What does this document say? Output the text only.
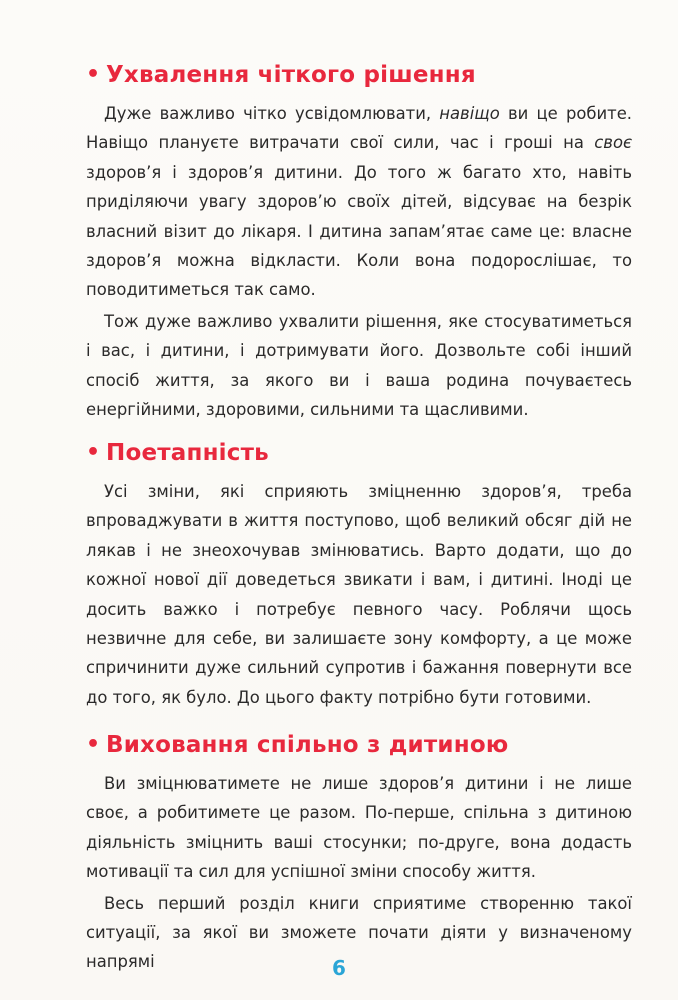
• Ухвалення чіткого рішення

Дуже важливо чітко усвідомлювати, навіщо ви це робите. Навіщо плануєте витрачати свої сили, час і гроші на своє здоров’я і здоров’я дитини. До того ж багато хто, навіть приділяючи увагу здоров’ю своїх дітей, відсуває на безрік власний візит до лікаря. І дитина запам’ятає саме це: власне здоров’я можна відкласти. Коли вона подорослішає, то поводитиметься так само.

Тож дуже важливо ухвалити рішення, яке стосуватиметься і вас, і дитини, і дотримувати його. Дозвольте собі інший спосіб життя, за якого ви і ваша родина почуваєтесь енергійними, здоровими, сильними та щасливими.

• Поетапність

Усі зміни, які сприяють зміцненню здоров’я, треба впроваджувати в життя поступово, щоб великий обсяг дій не лякав і не знеохочував змінюватись. Варто додати, що до кожної нової дії доведеться звикати і вам, і дитині. Іноді це досить важко і потребує певного часу. Роблячи щось незвичне для себе, ви залишаєте зону комфорту, а це може спричинити дуже сильний супротив і бажання повернути все до того, як було. До цього факту потрібно бути готовими.

• Виховання спільно з дитиною

Ви зміцнюватимете не лише здоров’я дитини і не лише своє, а робитимете це разом. По-перше, спільна з дитиною діяльність зміцнить ваші стосунки; по-друге, вона додасть мотивації та сил для успішної зміни способу життя.

Весь перший розділ книги сприятиме створенню такої ситуації, за якої ви зможете почати діяти у визначеному напрямі	6
